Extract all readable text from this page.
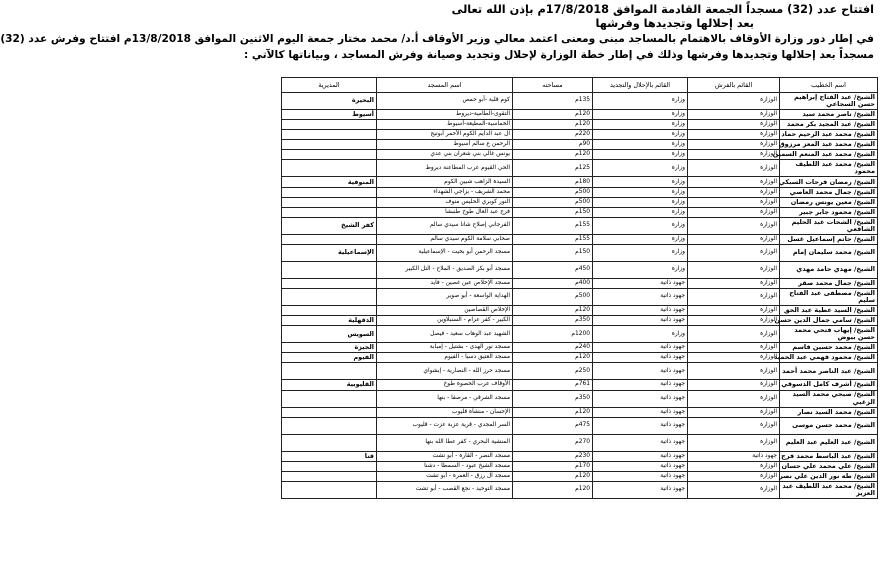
افتتاح عدد (32) مسجداً الجمعة القادمة الموافق 17/8/2018م بإذن الله تعالى
بعد إحلالها وتجديدها وفرشها
في إطار دور وزارة الأوقاف بالاهتمام بالمساجد مبنى ومعنى اعتمد معالي وزير الأوقاف أ.د/ محمد مختار جمعة اليوم الاثنين الموافق 13/8/2018م افتتاح وفرش عدد (32)
مسجداً بعد إحلالها وتجديدها وفرشها وذلك في إطار خطة الوزارة لإحلال وتجديد وصيانة وفرش المساجد ، وبياناتها كالآتي :
اسم الخطيب	القائم بالفرش	القائم بالإحلال والتجديد	مساحته	اسم المسجد	المديرية
الشيخ/ عبد الفتاح إبراهيم حسن السجاعي	الوزارة	وزارة	135م	كوم قلبة -أبو حمص	البحيرة
الشيخ/ ناصر محمد سيد	الوزارة	وزارة	120م	التقوى-الطامية-ديروط	أسيوط
الشيخ/ عبد المجيد بكر محمد	الوزارة	وزارة	120م	الخماسية-المطيعة-أسيوط	
الشيخ/ محمد عبد الرحيم حماد	الوزارة	وزارة	220م	آل عبد الدايم الكوم الأحمر أبوتيج	
الشيخ/ محمد عبد المعز مرزوق	الوزارة	وزارة	90م	الرحمن ع سالم أسيوط	
الشيخ/ محمد عبد المنعم السمين	الوزارة	وزارة	120م	يونس غالي بني شعران بني عدي	
الشيخ/ محمد عبد اللطيف محمود	الوزارة	وزارة	125م	الحي القيوم عرب المطاعنة ديروط	
الشيخ/ رمضان فرحات السبكي	الوزارة	وزارة	180م	السيدة الزاهب شبين الكوم	المنوفية
الشيخ/ جمال محمد العاصي	الوزارة	وزارة	500م	محمد الشريف - بزاجي الشهداء	
الشيخ/ معين يونس رمضان	الوزارة	وزارة	500م	النور كوبري الحليس منوف	
الشيخ/ محمود جابر جبير	الوزارة	وزارة	150م	فرج عبد العال طوخ طنبشا	
الشيخ/ الشحات عبد الحليم الشافعي	الوزارة	وزارة	155م	الفرجاني إصلاح شانا سيدي سالم	كفر الشيخ
الشيخ/ حاتم إسماعيل غسل	الوزارة	وزارة	155م	صحابي سلامة الكوم سيدي سالم	
الشيخ/ محمد سليمان إمام	الوزارة	وزارة	150م	مسجد الرحمن أبو بخيت - الإسماعيلية	الإسماعيلية
الشيخ/ مهدي حامد مهدي	الوزارة	وزارة	450م	مسجد أبو بكر الصديق - الملاح - التل الكبير	
الشيخ/ جمال محمد صقر	الوزارة	جهود ذاتية	400م	مسجد الإخلاص عين غصين - فايد	
الشيخ/ مصطفى عبد الفتاح سليم	الوزارة	جهود ذاتية	500م	الهداية الواسعة - أبو صوير	
الشيخ/ السيد عطية عبد الحق	الوزارة	جهود ذاتية	120م	الإخلاص القصاصين	
الشيخ/ سامي جمال الدين حسن	الوزارة	جهود ذاتية	350م	الكبير - كفر عزام - السنبلاوين	الدقهلية
الشيخ/ إيهاب فتحي محمد حسن بيوض	الوزارة	وزارة	1200م	الشهيد عبد الوهاب سعيد - فيصل	السويس
الشيخ/ محمد حسين قاسم	الوزارة	جهود ذاتية	240م	مسجد نور الهدى - بشتيل - إمبابة	الجيزة
الشيخ/ محمود فهمي عبد الحميد	الوزارة	جهود ذاتية	120م	مسجد العتيق دسيا - الفيوم	الفيوم
الشيخ/ عبد الناصر محمد أحمد	الوزارة	جهود ذاتية	250م	مسجد حرز الله - النصارية - إبشواي	
الشيخ/ أشرف كامل الدسوقي	الوزارة	جهود ذاتية	761م	الأوقاف عرب الحصوة طوخ	القليوبية
الشيخ/ صبحي محمد السيد الزغبي	الوزارة	جهود ذاتية	350م	مسجد الشرقي - مرصفا - بنها	
الشيخ/ محمد السيد نصار	الوزارة	جهود ذاتية	120م	الإحسان - منشأة قليوب	
الشيخ/ محمد حسن موسى	الوزارة	جهود ذاتية	475م	السر المجدي - قرية عزبة عزت - قليوب	
الشيخ/ عبد العليم عبد العليم	الوزارة	جهود ذاتية	270م	المنشية البحري - كفر عطا الله بنها	
الشيخ/ عبد الباسط محمد فرج	جهود ذاتية	جهود ذاتية	230م	مسجد النصر - القارة - أبو تشت	قنا
الشيخ/ علي محمد علي حسان	الوزارة	جهود ذاتية	170م	مسجد الشيخ عبود - السمطا - دشنا	
الشيخ/ طه نور الدين علي نصر	الوزارة	جهود ذاتية	120م	مسجد آل رزق - العمرة - أبو تشت	
الشيخ/ محمد عبد اللطيف عبد العزيز	الوزارة	جهود ذاتية	120م	مسجد التوحيد - نجع القصب - أبو تشت	
